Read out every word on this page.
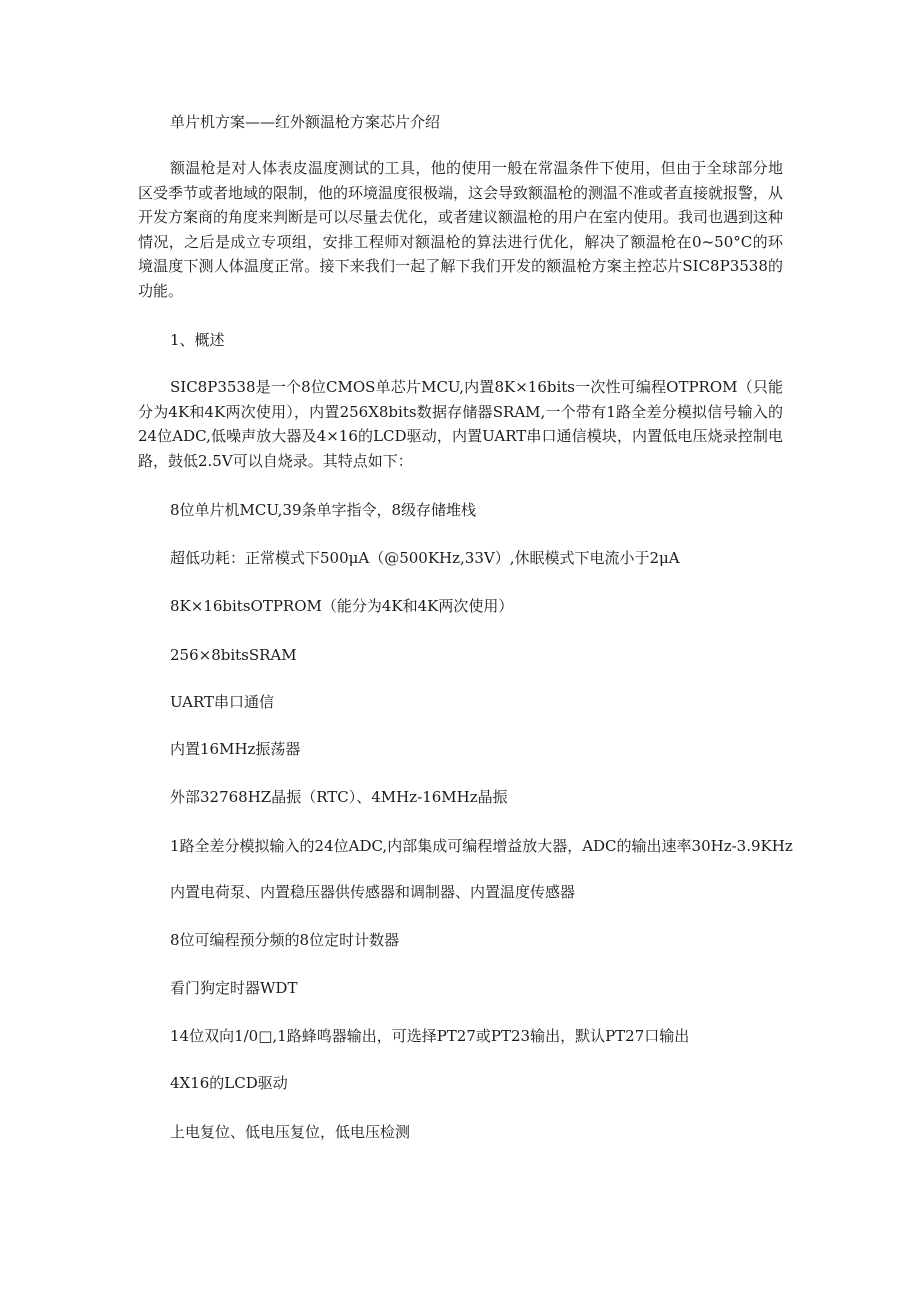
单片机方案——红外额温枪方案芯片介绍

额温枪是对人体表皮温度测试的工具，他的使用一般在常温条件下使用，但由于全球部分地区受季节或者地域的限制，他的环境温度很极端，这会导致额温枪的测温不准或者直接就报警，从开发方案商的角度来判断是可以尽量去优化，或者建议额温枪的用户在室内使用。我司也遇到这种情况，之后是成立专项组，安排工程师对额温枪的算法进行优化，解决了额温枪在0~50°C的环境温度下测人体温度正常。接下来我们一起了解下我们开发的额温枪方案主控芯片SIC8P3538的功能。

1、概述

SIC8P3538是一个8位CMOS单芯片MCU,内置8K×16bits一次性可编程OTPROM（只能分为4K和4K两次使用），内置256X8bits数据存储器SRAM,一个带有1路全差分模拟信号输入的24位ADC,低噪声放大器及4×16的LCD驱动，内置UART串口通信模块，内置低电压烧录控制电路，鼓低2.5V可以自烧录。其特点如下：

8位单片机MCU,39条单字指令，8级存储堆栈

超低功耗：正常模式下500μA（@500KHz,33V）,休眠模式下电流小于2μA

8K×16bitsOTPROM（能分为4K和4K两次使用）

256×8bitsSRAM

UART串口通信

内置16MHz振荡器

外部32768HZ晶振（RTC）、4MHz-16MHz晶振

1路全差分模拟输入的24位ADC,内部集成可编程增益放大器，ADC的输出速率30Hz-3.9KHz

内置电荷泵、内置稳压器供传感器和调制器、内置温度传感器

8位可编程预分频的8位定时计数器

看门狗定时器WDT

14位双向1/0□,1路蜂鸣器输出，可选择PT27或PT23输出，默认PT27口输出

4X16的LCD驱动

上电复位、低电压复位，低电压检测
